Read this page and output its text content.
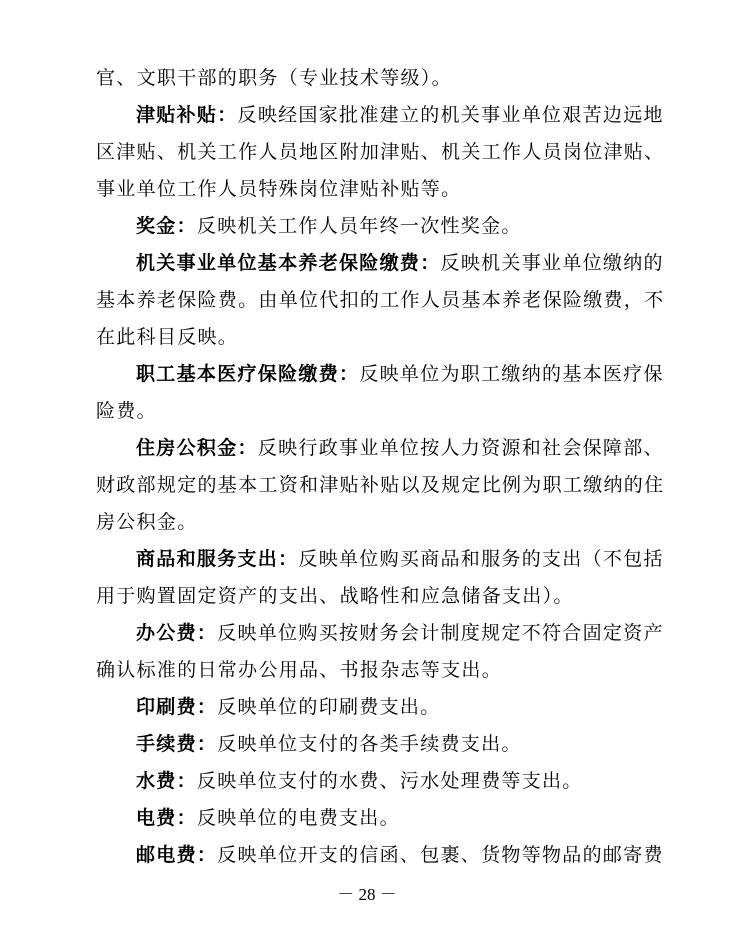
官、文职干部的职务（专业技术等级）。
津贴补贴：反映经国家批准建立的机关事业单位艰苦边远地
区津贴、机关工作人员地区附加津贴、机关工作人员岗位津贴、
事业单位工作人员特殊岗位津贴补贴等。
奖金：反映机关工作人员年终一次性奖金。
机关事业单位基本养老保险缴费：反映机关事业单位缴纳的
基本养老保险费。由单位代扣的工作人员基本养老保险缴费，不
在此科目反映。
职工基本医疗保险缴费：反映单位为职工缴纳的基本医疗保
险费。
住房公积金：反映行政事业单位按人力资源和社会保障部、
财政部规定的基本工资和津贴补贴以及规定比例为职工缴纳的住
房公积金。
商品和服务支出：反映单位购买商品和服务的支出（不包括
用于购置固定资产的支出、战略性和应急储备支出）。
办公费：反映单位购买按财务会计制度规定不符合固定资产
确认标准的日常办公用品、书报杂志等支出。
印刷费：反映单位的印刷费支出。
手续费：反映单位支付的各类手续费支出。
水费：反映单位支付的水费、污水处理费等支出。
电费：反映单位的电费支出。
邮电费：反映单位开支的信函、包裹、货物等物品的邮寄费
－ 28 －
